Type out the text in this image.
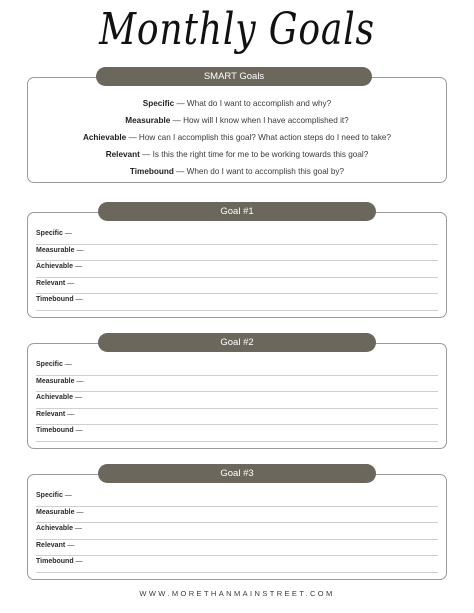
Monthly Goals
Specific — What do I want to accomplish and why?
Measurable — How will I know when I have accomplished it?
Achievable — How can I accomplish this goal? What action steps do I need to take?
Relevant — Is this the right time for me to be working towards this goal?
Timebound — When do I want to accomplish this goal by?
SMART Goals
Specific —
Measurable —
Achievable —
Relevant —
Timebound —
Goal #1
Specific —
Measurable —
Achievable —
Relevant —
Timebound —
Goal #2
Specific —
Measurable —
Achievable —
Relevant —
Timebound —
Goal #3
WWW.MORETHANMAINSTREET.COM
